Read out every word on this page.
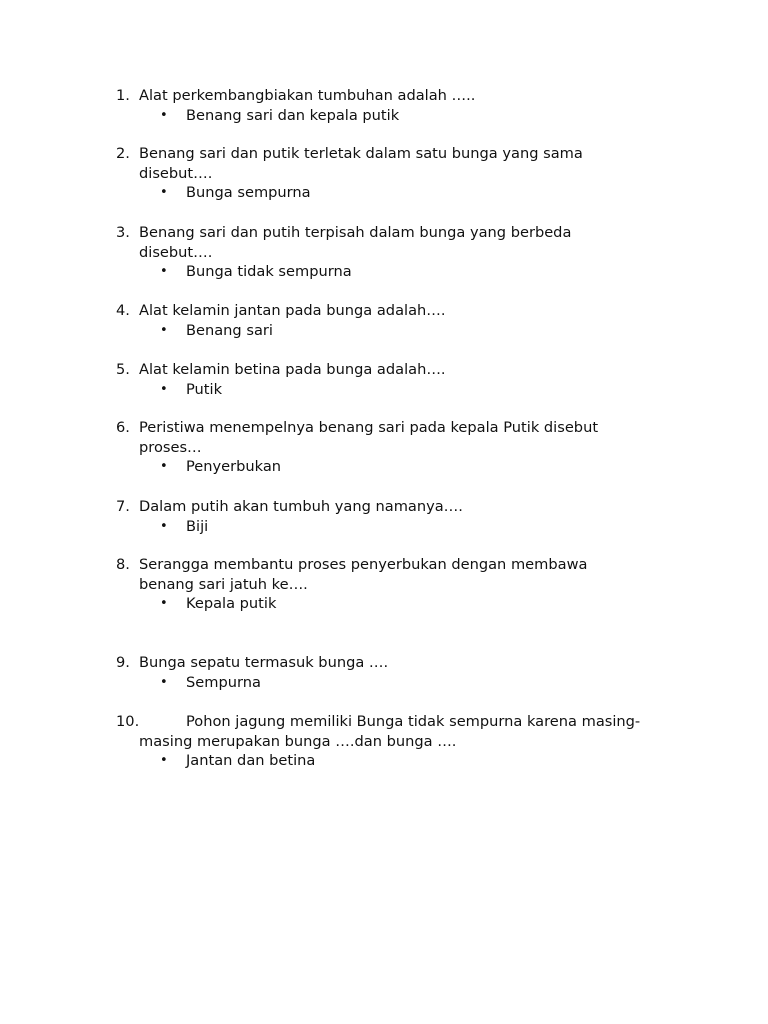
1. Alat perkembangbiakan tumbuhan adalah …..
• Benang sari dan kepala putik
2. Benang sari dan putik terletak dalam satu bunga yang sama
disebut….
• Bunga sempurna
3. Benang sari dan putih terpisah dalam bunga yang berbeda
disebut….
• Bunga tidak sempurna
4. Alat kelamin jantan pada bunga adalah….
• Benang sari
5. Alat kelamin betina pada bunga adalah….
• Putik
6. Peristiwa menempelnya benang sari pada kepala Putik disebut
proses…
• Penyerbukan
7. Dalam putih akan tumbuh yang namanya….
• Biji
8. Serangga membantu proses penyerbukan dengan membawa
benang sari jatuh ke….
• Kepala putik
9. Bunga sepatu termasuk bunga ….
• Sempurna
10.	Pohon jagung memiliki Bunga tidak sempurna karena masing-
masing merupakan bunga ….dan bunga ….
• Jantan dan betina
